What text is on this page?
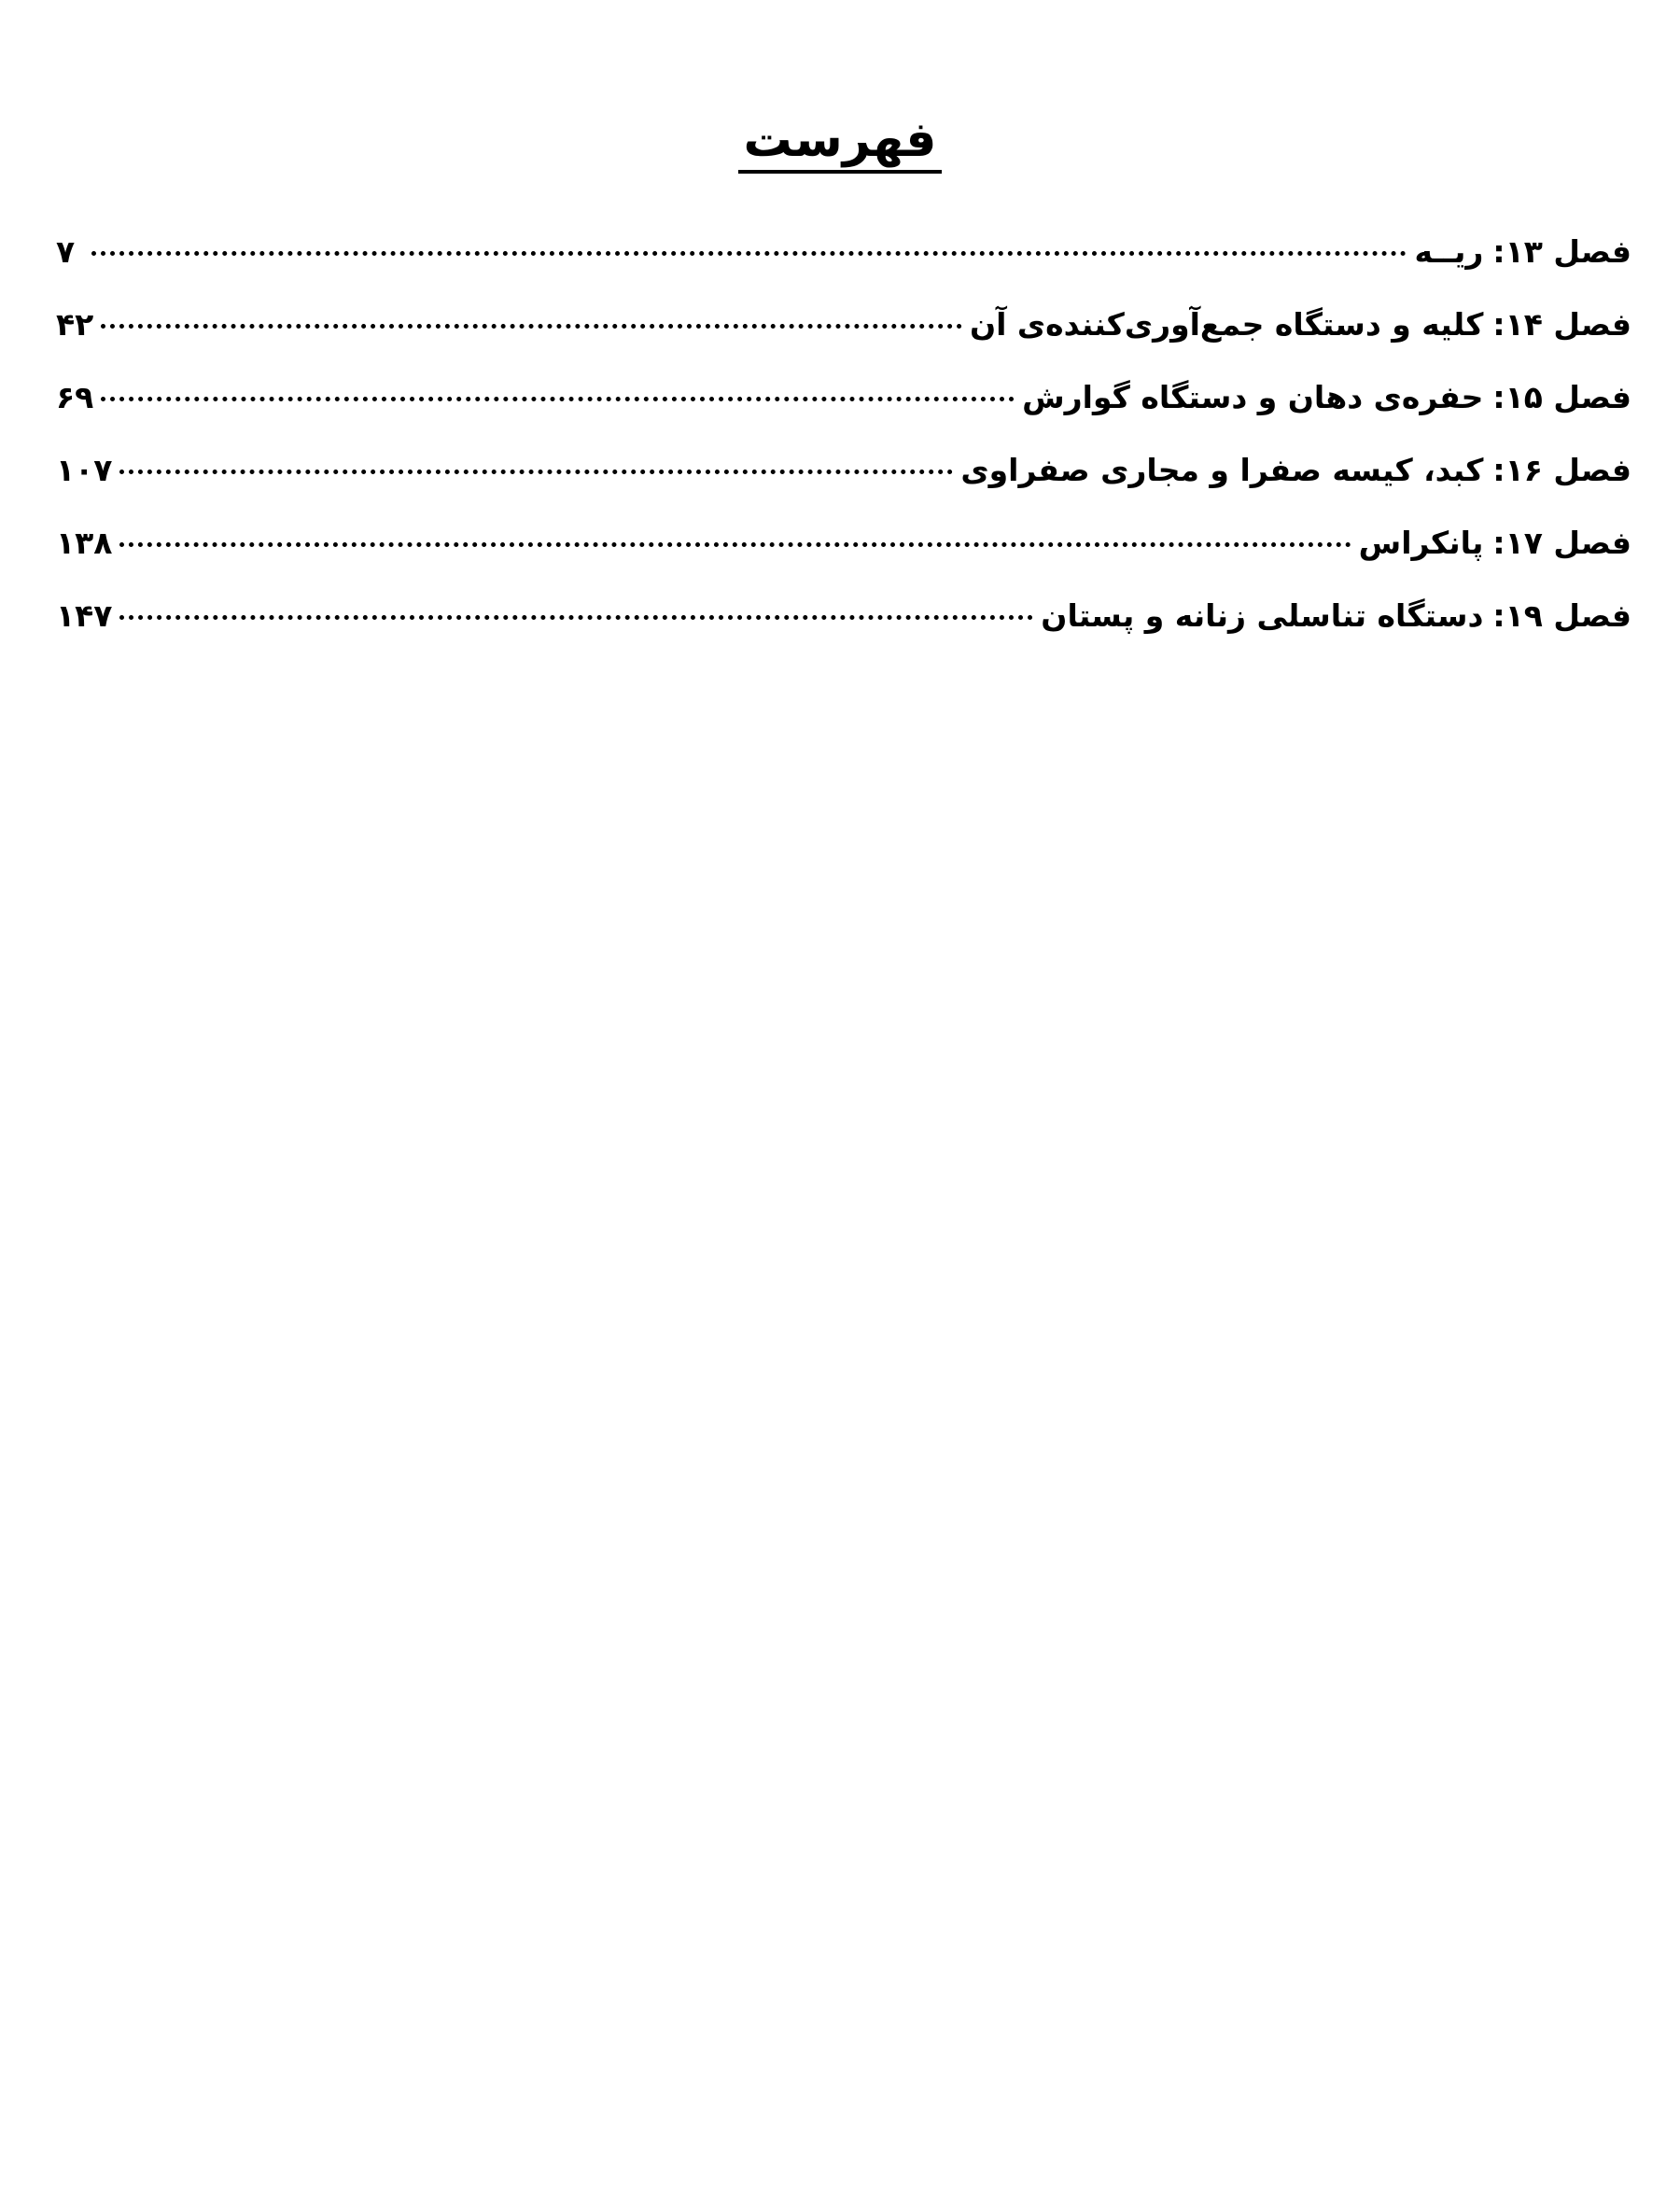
فهرست
فصل ۱۳:ریــه
۷
فصل ۱۴:کلیه و دستگاه جمع‌آوری‌کننده‌ی آن
۴۲
فصل ۱۵:حفره‌ی دهان و دستگاه گوارش
۶۹
فصل ۱۶:کبد، کیسه صفرا و مجاری صفراوی
۱۰۷
فصل ۱۷:پانکراس
۱۳۸
فصل ۱۹:دستگاه تناسلی زنانه و پستان
۱۴۷
